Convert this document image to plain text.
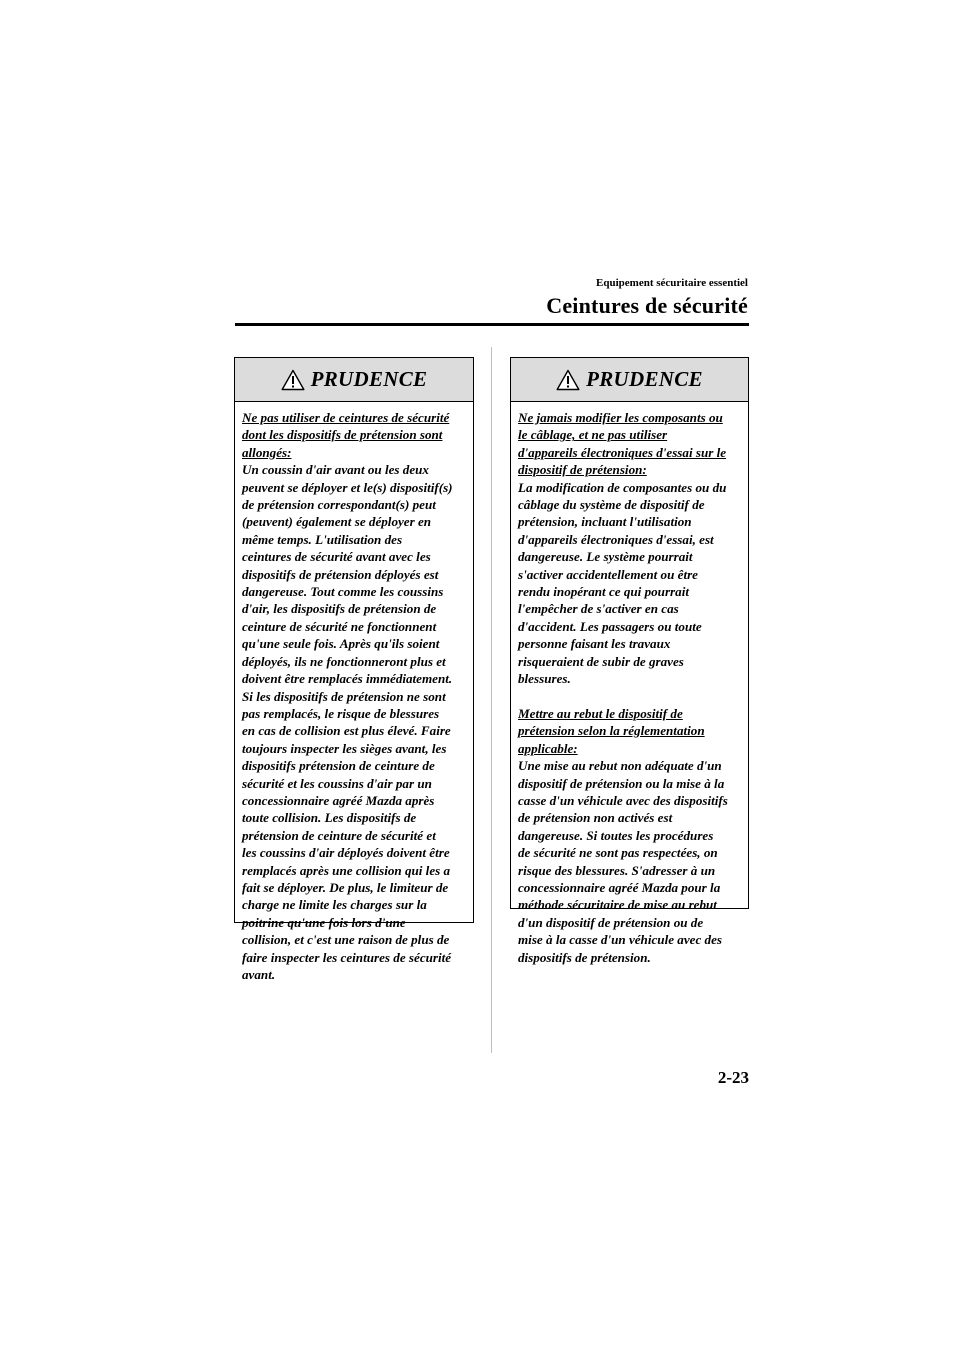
Equipement sécuritaire essentiel
Ceintures de sécurité
PRUDENCE
Ne pas utiliser de ceintures de sécurité
dont les dispositifs de prétension sont
allongés:
Un coussin d'air avant ou les deux
peuvent se déployer et le(s) dispositif(s)
de prétension correspondant(s) peut
(peuvent) également se déployer en
même temps. L'utilisation des
ceintures de sécurité avant avec les
dispositifs de prétension déployés est
dangereuse. Tout comme les coussins
d'air, les dispositifs de prétension de
ceinture de sécurité ne fonctionnent
qu'une seule fois. Après qu'ils soient
déployés, ils ne fonctionneront plus et
doivent être remplacés immédiatement.
Si les dispositifs de prétension ne sont
pas remplacés, le risque de blessures
en cas de collision est plus élevé. Faire
toujours inspecter les sièges avant, les
dispositifs prétension de ceinture de
sécurité et les coussins d'air par un
concessionnaire agréé Mazda après
toute collision. Les dispositifs de
prétension de ceinture de sécurité et
les coussins d'air déployés doivent être
remplacés après une collision qui les a
fait se déployer. De plus, le limiteur de
charge ne limite les charges sur la
poitrine qu'une fois lors d'une
collision, et c'est une raison de plus de
faire inspecter les ceintures de sécurité
avant.
PRUDENCE
Ne jamais modifier les composants ou
le câblage, et ne pas utiliser
d'appareils électroniques d'essai sur le
dispositif de prétension:
La modification de composantes ou du
câblage du système de dispositif de
prétension, incluant l'utilisation
d'appareils électroniques d'essai, est
dangereuse. Le système pourrait
s'activer accidentellement ou être
rendu inopérant ce qui pourrait
l'empêcher de s'activer en cas
d'accident. Les passagers ou toute
personne faisant les travaux
risqueraient de subir de graves
blessures.
Mettre au rebut le dispositif de
prétension selon la réglementation
applicable:
Une mise au rebut non adéquate d'un
dispositif de prétension ou la mise à la
casse d'un véhicule avec des dispositifs
de prétension non activés est
dangereuse. Si toutes les procédures
de sécurité ne sont pas respectées, on
risque des blessures. S'adresser à un
concessionnaire agréé Mazda pour la
méthode sécuritaire de mise au rebut
d'un dispositif de prétension ou de
mise à la casse d'un véhicule avec des
dispositifs de prétension.
2-23
